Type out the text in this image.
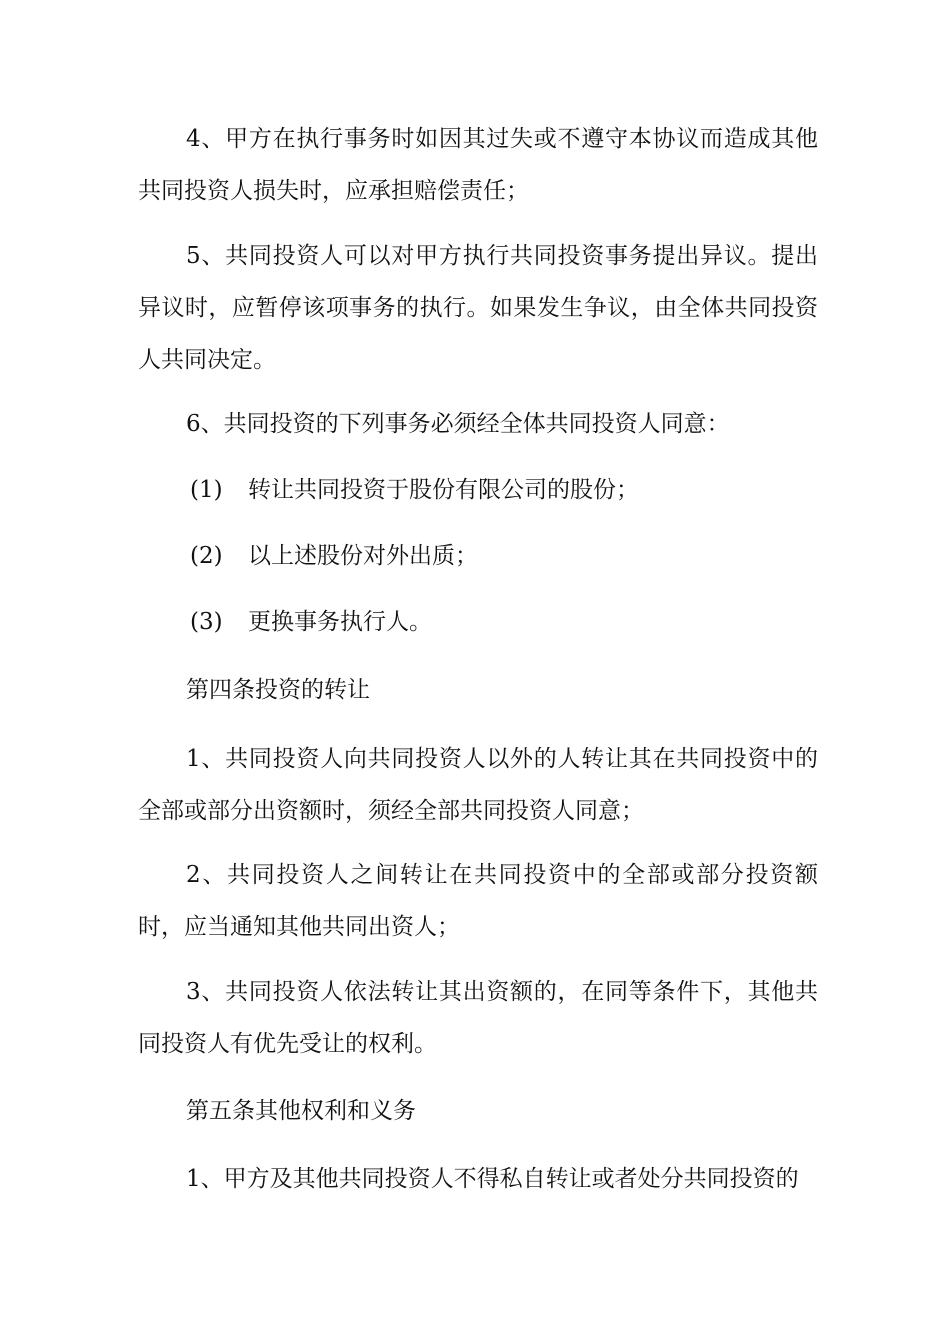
4、甲方在执行事务时如因其过失或不遵守本协议而造成其他共同投资人损失时，应承担赔偿责任；

5、共同投资人可以对甲方执行共同投资事务提出异议。提出异议时，应暂停该项事务的执行。如果发生争议，由全体共同投资人共同决定。

6、共同投资的下列事务必须经全体共同投资人同意：

(1) 转让共同投资于股份有限公司的股份；

(2) 以上述股份对外出质；

(3) 更换事务执行人。

第四条投资的转让

1、共同投资人向共同投资人以外的人转让其在共同投资中的全部或部分出资额时，须经全部共同投资人同意；

2、共同投资人之间转让在共同投资中的全部或部分投资额时，应当通知其他共同出资人；

3、共同投资人依法转让其出资额的，在同等条件下，其他共同投资人有优先受让的权利。

第五条其他权利和义务

1、甲方及其他共同投资人不得私自转让或者处分共同投资的
